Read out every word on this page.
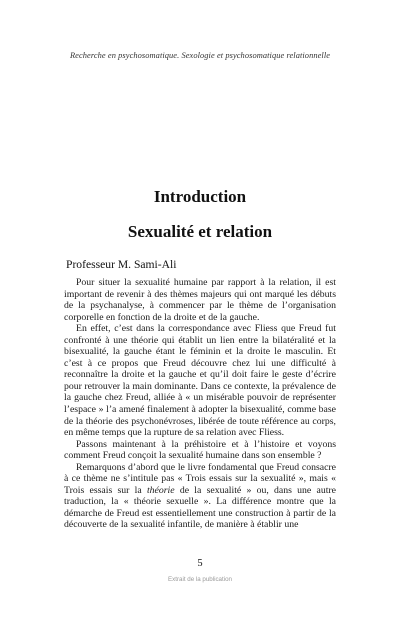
Recherche en psychosomatique. Sexologie et psychosomatique relationnelle
Introduction
Sexualité et relation
Professeur M. Sami-Ali

Pour situer la sexualité humaine par rapport à la relation, il est important de revenir à des thèmes majeurs qui ont marqué les débuts de la psychanalyse, à commencer par le thème de l’organisation corporelle en fonction de la droite et de la gauche.

En effet, c’est dans la correspondance avec Fliess que Freud fut confronté à une théorie qui établit un lien entre la bilatéralité et la bisexualité, la gauche étant le féminin et la droite le masculin. Et c’est à ce propos que Freud découvre chez lui une difficulté à reconnaître la droite et la gauche et qu’il doit faire le geste d’écrire pour retrouver la main dominante. Dans ce contexte, la prévalence de la gauche chez Freud, alliée à « un misérable pouvoir de représenter l’espace » l’a amené finalement à adopter la bisexualité, comme base de la théorie des psychonévroses, libérée de toute référence au corps, en même temps que la rupture de sa relation avec Fliess.

Passons maintenant à la préhistoire et à l’histoire et voyons comment Freud conçoit la sexualité humaine dans son ensemble ?

Remarquons d’abord que le livre fondamental que Freud consacre à ce thème ne s’intitule pas « Trois essais sur la sexualité », mais « Trois essais sur la théorie de la sexualité » ou, dans une autre traduction, la « théorie sexuelle ». La différence montre que la démarche de Freud est essentiellement une construction à partir de la découverte de la sexualité infantile, de manière à établir une

5
Extrait de la publication
